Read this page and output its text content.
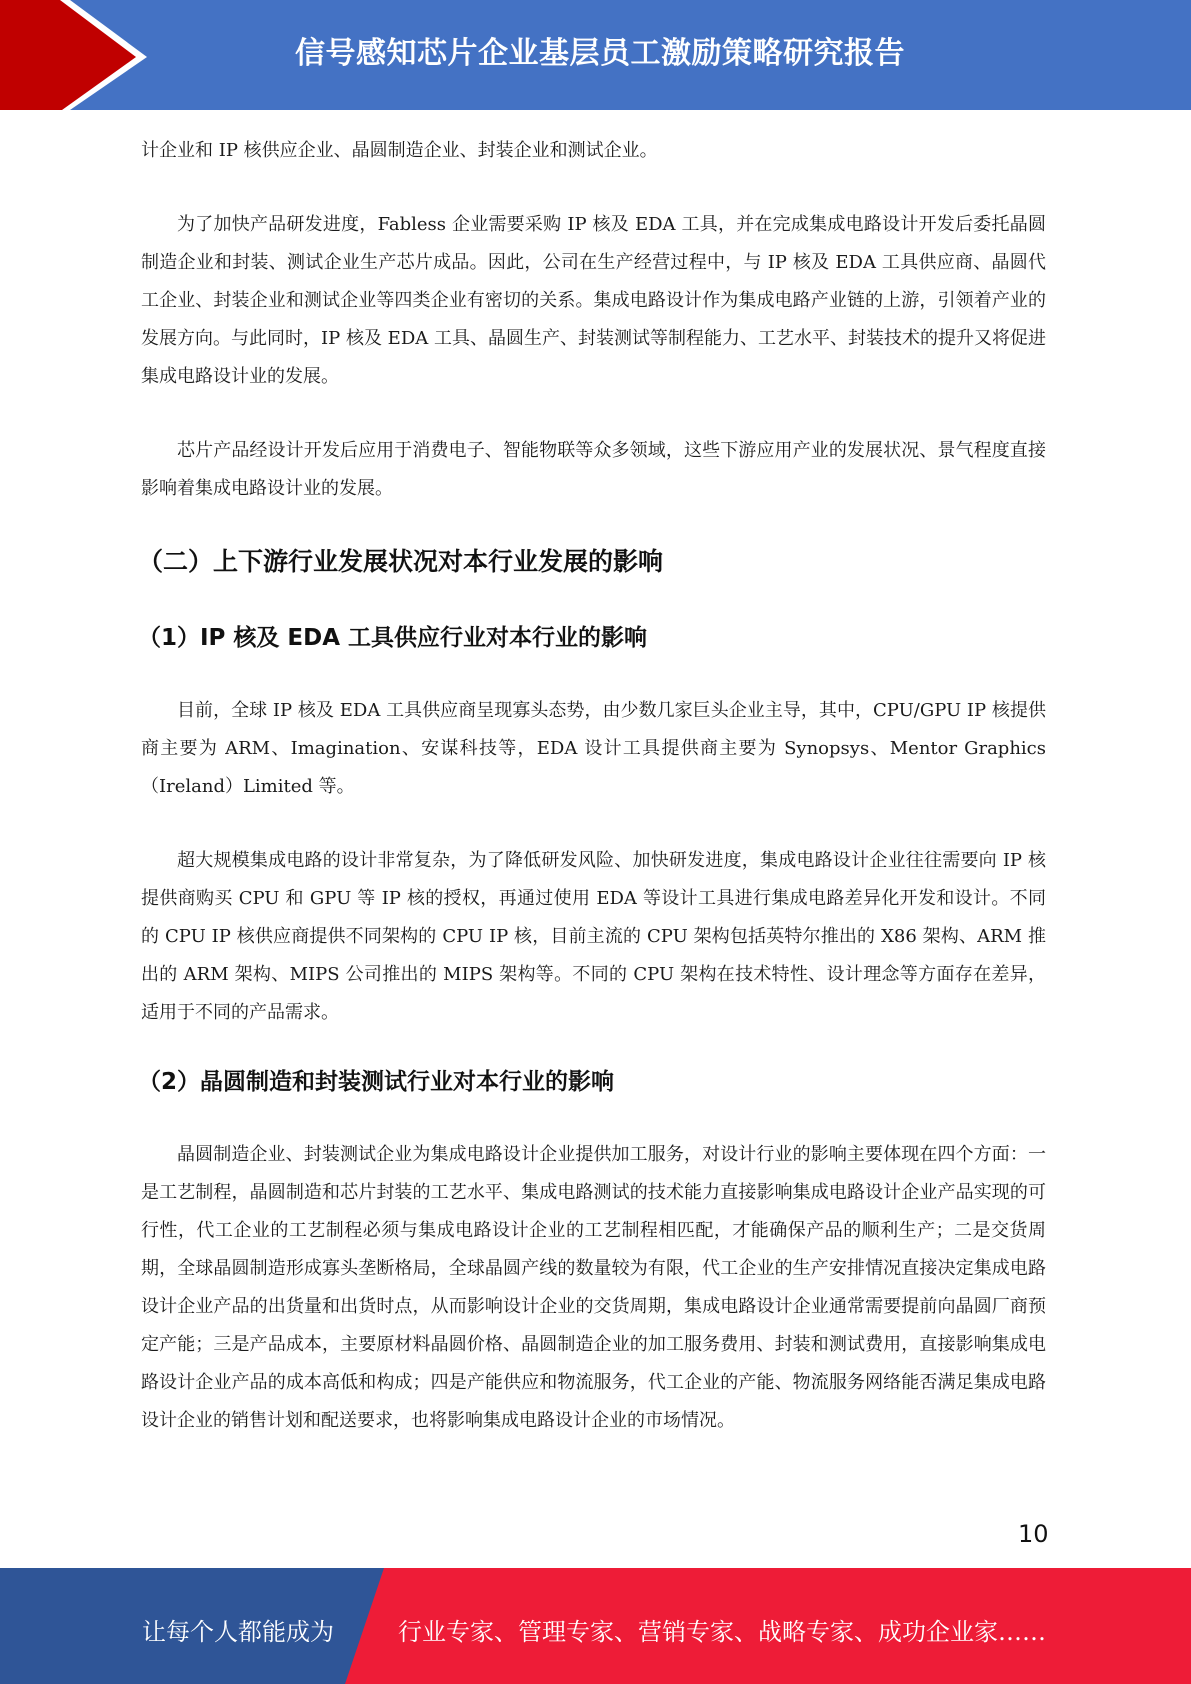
信号感知芯片企业基层员工激励策略研究报告

计企业和 IP 核供应企业、晶圆制造企业、封装企业和测试企业。

为了加快产品研发进度，Fabless 企业需要采购 IP 核及 EDA 工具，并在完成集成电路设计开发后委托晶圆制造企业和封装、测试企业生产芯片成品。因此，公司在生产经营过程中，与 IP 核及 EDA 工具供应商、晶圆代工企业、封装企业和测试企业等四类企业有密切的关系。集成电路设计作为集成电路产业链的上游，引领着产业的发展方向。与此同时，IP 核及 EDA 工具、晶圆生产、封装测试等制程能力、工艺水平、封装技术的提升又将促进集成电路设计业的发展。

芯片产品经设计开发后应用于消费电子、智能物联等众多领域，这些下游应用产业的发展状况、景气程度直接影响着集成电路设计业的发展。

（二）上下游行业发展状况对本行业发展的影响
（1）IP 核及 EDA 工具供应行业对本行业的影响

目前，全球 IP 核及 EDA 工具供应商呈现寡头态势，由少数几家巨头企业主导，其中，CPU/GPU IP 核提供商主要为 ARM、Imagination、安谋科技等，EDA 设计工具提供商主要为 Synopsys、Mentor Graphics（Ireland）Limited 等。

超大规模集成电路的设计非常复杂，为了降低研发风险、加快研发进度，集成电路设计企业往往需要向 IP 核提供商购买 CPU 和 GPU 等 IP 核的授权，再通过使用 EDA 等设计工具进行集成电路差异化开发和设计。不同的 CPU IP 核供应商提供不同架构的 CPU IP 核，目前主流的 CPU 架构包括英特尔推出的 X86 架构、ARM 推出的 ARM 架构、MIPS 公司推出的 MIPS 架构等。不同的 CPU 架构在技术特性、设计理念等方面存在差异，适用于不同的产品需求。

（2）晶圆制造和封装测试行业对本行业的影响

晶圆制造企业、封装测试企业为集成电路设计企业提供加工服务，对设计行业的影响主要体现在四个方面：一是工艺制程，晶圆制造和芯片封装的工艺水平、集成电路测试的技术能力直接影响集成电路设计企业产品实现的可行性，代工企业的工艺制程必须与集成电路设计企业的工艺制程相匹配，才能确保产品的顺利生产；二是交货周期，全球晶圆制造形成寡头垄断格局，全球晶圆产线的数量较为有限，代工企业的生产安排情况直接决定集成电路设计企业产品的出货量和出货时点，从而影响设计企业的交货周期，集成电路设计企业通常需要提前向晶圆厂商预定产能；三是产品成本，主要原材料晶圆价格、晶圆制造企业的加工服务费用、封装和测试费用，直接影响集成电路设计企业产品的成本高低和构成；四是产能供应和物流服务，代工企业的产能、物流服务网络能否满足集成电路设计企业的销售计划和配送要求，也将影响集成电路设计企业的市场情况。

10
让每个人都能成为	行业专家、管理专家、营销专家、战略专家、成功企业家……
